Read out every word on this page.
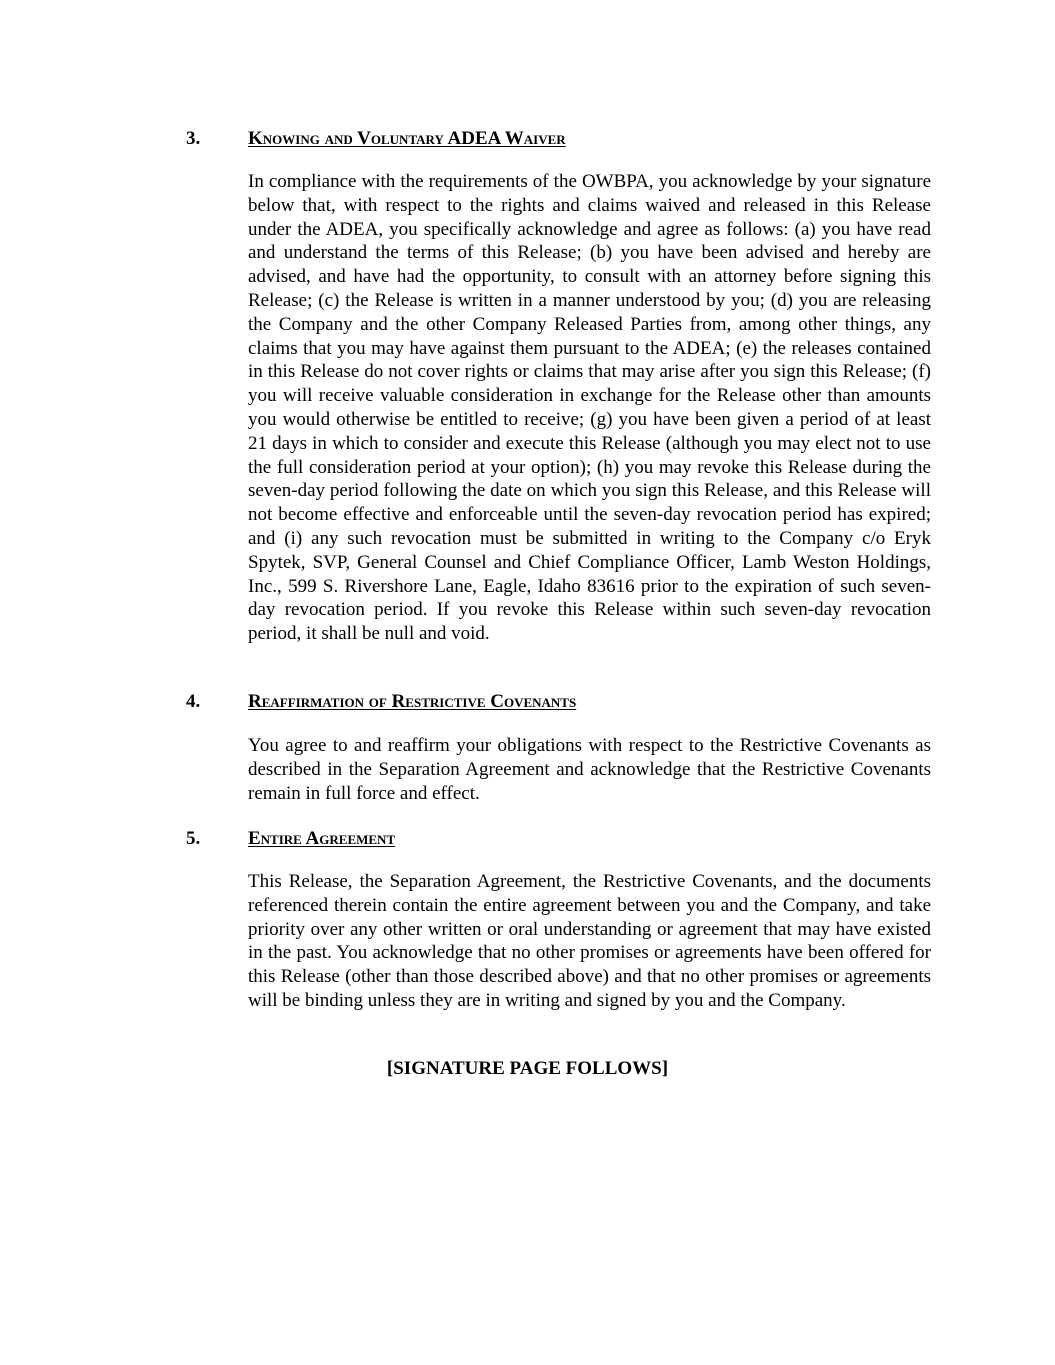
3.	Knowing and Voluntary ADEA Waiver
In compliance with the requirements of the OWBPA, you acknowledge by your signature below that, with respect to the rights and claims waived and released in this Release under the ADEA, you specifically acknowledge and agree as follows: (a) you have read and understand the terms of this Release; (b) you have been advised and hereby are advised, and have had the opportunity, to consult with an attorney before signing this Release; (c) the Release is written in a manner understood by you; (d) you are releasing the Company and the other Company Released Parties from, among other things, any claims that you may have against them pursuant to the ADEA; (e) the releases contained in this Release do not cover rights or claims that may arise after you sign this Release; (f) you will receive valuable consideration in exchange for the Release other than amounts you would otherwise be entitled to receive; (g) you have been given a period of at least 21 days in which to consider and execute this Release (although you may elect not to use the full consideration period at your option); (h) you may revoke this Release during the seven-day period following the date on which you sign this Release, and this Release will not become effective and enforceable until the seven-day revocation period has expired; and (i) any such revocation must be submitted in writing to the Company c/o Eryk Spytek, SVP, General Counsel and Chief Compliance Officer, Lamb Weston Holdings, Inc., 599 S. Rivershore Lane, Eagle, Idaho 83616 prior to the expiration of such seven-day revocation period. If you revoke this Release within such seven-day revocation period, it shall be null and void.
4.	Reaffirmation of Restrictive Covenants
You agree to and reaffirm your obligations with respect to the Restrictive Covenants as described in the Separation Agreement and acknowledge that the Restrictive Covenants remain in full force and effect.
5.	Entire Agreement
This Release, the Separation Agreement, the Restrictive Covenants, and the documents referenced therein contain the entire agreement between you and the Company, and take priority over any other written or oral understanding or agreement that may have existed in the past. You acknowledge that no other promises or agreements have been offered for this Release (other than those described above) and that no other promises or agreements will be binding unless they are in writing and signed by you and the Company.
[SIGNATURE PAGE FOLLOWS]
